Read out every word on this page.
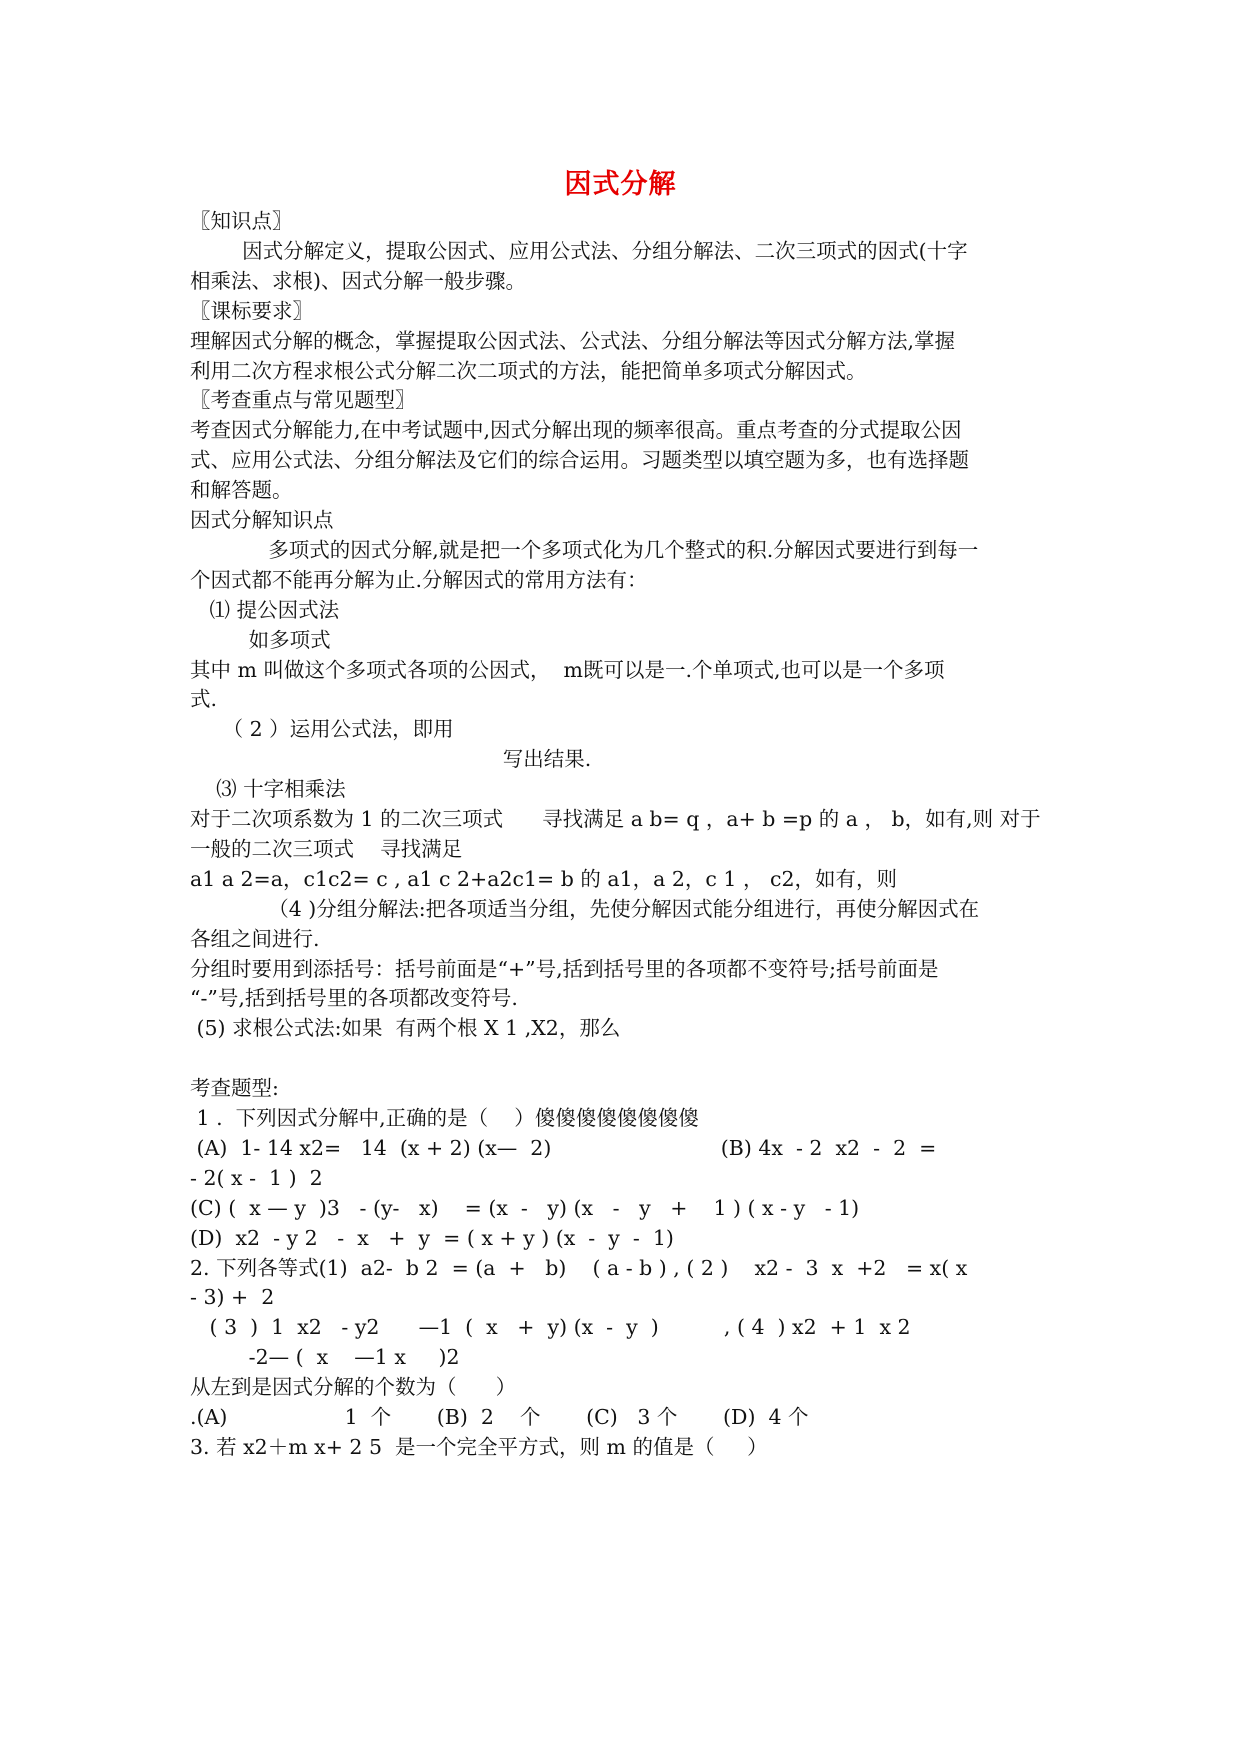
因式分解
〖知识点〗
因式分解定义，提取公因式、应用公式法、分组分解法、二次三项式的因式(十字
相乘法、求根)、因式分解一般步骤。
〖课标要求〗
理解因式分解的概念，掌握提取公因式法、公式法、分组分解法等因式分解方法,掌握
利用二次方程求根公式分解二次二项式的方法，能把简单多项式分解因式。
〖考查重点与常见题型〗
考查因式分解能力,在中考试题中,因式分解出现的频率很高。重点考查的分式提取公因
式、应用公式法、分组分解法及它们的综合运用。习题类型以填空题为多，也有选择题
和解答题。
因式分解知识点
多项式的因式分解,就是把一个多项式化为几个整式的积.分解因式要进行到每一
个因式都不能再分解为止.分解因式的常用方法有：
⑴ 提公因式法
如多项式
其中 m 叫做这个多项式各项的公因式，  m既可以是一.个单项式,也可以是一个多项
式.
（ 2 ）运用公式法，即用
写出结果.
⑶ 十字相乘法
对于二次项系数为 1 的二次三项式      寻找满足 a b= q ，a+ b =p 的 a ， b，如有,则 对于
一般的二次三项式    寻找满足
a1 a 2=a，c1c2= c , a1 c 2+a2c1= b 的 a1，a 2，c 1 ， c2，如有，则
（4 )分组分解法:把各项适当分组，先使分解因式能分组进行，再使分解因式在
各组之间进行.
分组时要用到添括号：括号前面是“+”号,括到括号里的各项都不变符号;括号前面是
“-”号,括到括号里的各项都改变符号.
(5) 求根公式法:如果  有两个根 X 1 ,X2，那么
考查题型:
1 .  下列因式分解中,正确的是（    ）傻傻傻傻傻傻傻傻
(A)  1- 14 x2=   14  (x + 2) (x—  2)                          (B) 4x  - 2  x2  -  2  =
- 2( x -  1 )  2
(C) (  x — y  )3   - (y-   x)    = (x  -   y) (x   -   y   +    1 ) ( x - y   - 1)
(D)  x2  - y 2   -  x   +  y  = ( x + y ) (x  -  y  -  1)
2. 下列各等式(1)  a2-  b 2  = (a  +   b)    ( a - b ) , ( 2 )    x2 -  3  x  +2   = x( x
- 3) +  2
( 3  )  1  x2   - y2      —1  (  x   +  y) (x  -  y  )          , ( 4  ) x2  + 1  x 2
-2— (  x    —1 x     )2
从左到是因式分解的个数为（      ）
.(A)                  1  个       (B)  2    个       (C)   3 个       (D)  4 个
3. 若 x2＋m x+ 2 5  是一个完全平方式，则 m 的值是（     ）
